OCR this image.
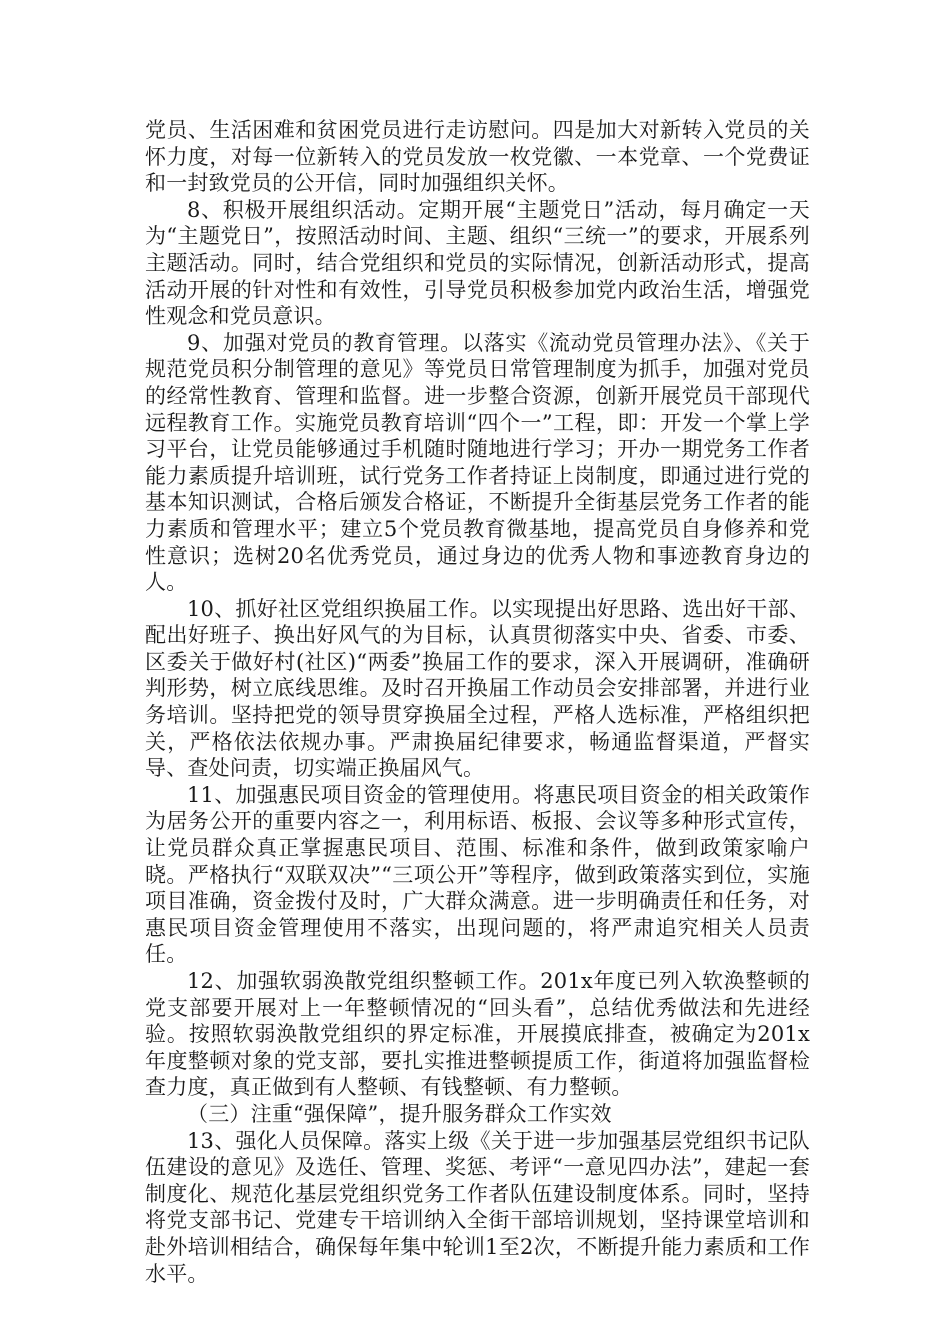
党员、生活困难和贫困党员进行走访慰问。四是加大对新转入党员的关怀力度，对每一位新转入的党员发放一枚党徽、一本党章、一个党费证和一封致党员的公开信，同时加强组织关怀。

8、积极开展组织活动。定期开展“主题党日”活动，每月确定一天为“主题党日”，按照活动时间、主题、组织“三统一”的要求，开展系列主题活动。同时，结合党组织和党员的实际情况，创新活动形式，提高活动开展的针对性和有效性，引导党员积极参加党内政治生活，增强党性观念和党员意识。

9、加强对党员的教育管理。以落实《流动党员管理办法》、《关于规范党员积分制管理的意见》等党员日常管理制度为抓手，加强对党员的经常性教育、管理和监督。进一步整合资源，创新开展党员干部现代远程教育工作。实施党员教育培训“四个一”工程，即：开发一个掌上学习平台，让党员能够通过手机随时随地进行学习；开办一期党务工作者能力素质提升培训班，试行党务工作者持证上岗制度，即通过进行党的基本知识测试，合格后颁发合格证，不断提升全街基层党务工作者的能力素质和管理水平；建立5个党员教育微基地，提高党员自身修养和党性意识；选树20名优秀党员，通过身边的优秀人物和事迹教育身边的人。

10、抓好社区党组织换届工作。以实现提出好思路、选出好干部、配出好班子、换出好风气的为目标，认真贯彻落实中央、省委、市委、区委关于做好村(社区)“两委”换届工作的要求，深入开展调研，准确研判形势，树立底线思维。及时召开换届工作动员会安排部署，并进行业务培训。坚持把党的领导贯穿换届全过程，严格人选标准，严格组织把关，严格依法依规办事。严肃换届纪律要求，畅通监督渠道，严督实导、查处问责，切实端正换届风气。

11、加强惠民项目资金的管理使用。将惠民项目资金的相关政策作为居务公开的重要内容之一，利用标语、板报、会议等多种形式宣传，让党员群众真正掌握惠民项目、范围、标准和条件，做到政策家喻户晓。严格执行“双联双决”“三项公开”等程序，做到政策落实到位，实施项目准确，资金拨付及时，广大群众满意。进一步明确责任和任务，对惠民项目资金管理使用不落实，出现问题的，将严肃追究相关人员责任。

12、加强软弱涣散党组织整顿工作。201x年度已列入软涣整顿的党支部要开展对上一年整顿情况的“回头看”，总结优秀做法和先进经验。按照软弱涣散党组织的界定标准，开展摸底排查，被确定为201x年度整顿对象的党支部，要扎实推进整顿提质工作，街道将加强监督检查力度，真正做到有人整顿、有钱整顿、有力整顿。

（三）注重“强保障”，提升服务群众工作实效

13、强化人员保障。落实上级《关于进一步加强基层党组织书记队伍建设的意见》及选任、管理、奖惩、考评“一意见四办法”，建起一套制度化、规范化基层党组织党务工作者队伍建设制度体系。同时，坚持将党支部书记、党建专干培训纳入全街干部培训规划，坚持课堂培训和赴外培训相结合，确保每年集中轮训1至2次，不断提升能力素质和工作水平。
